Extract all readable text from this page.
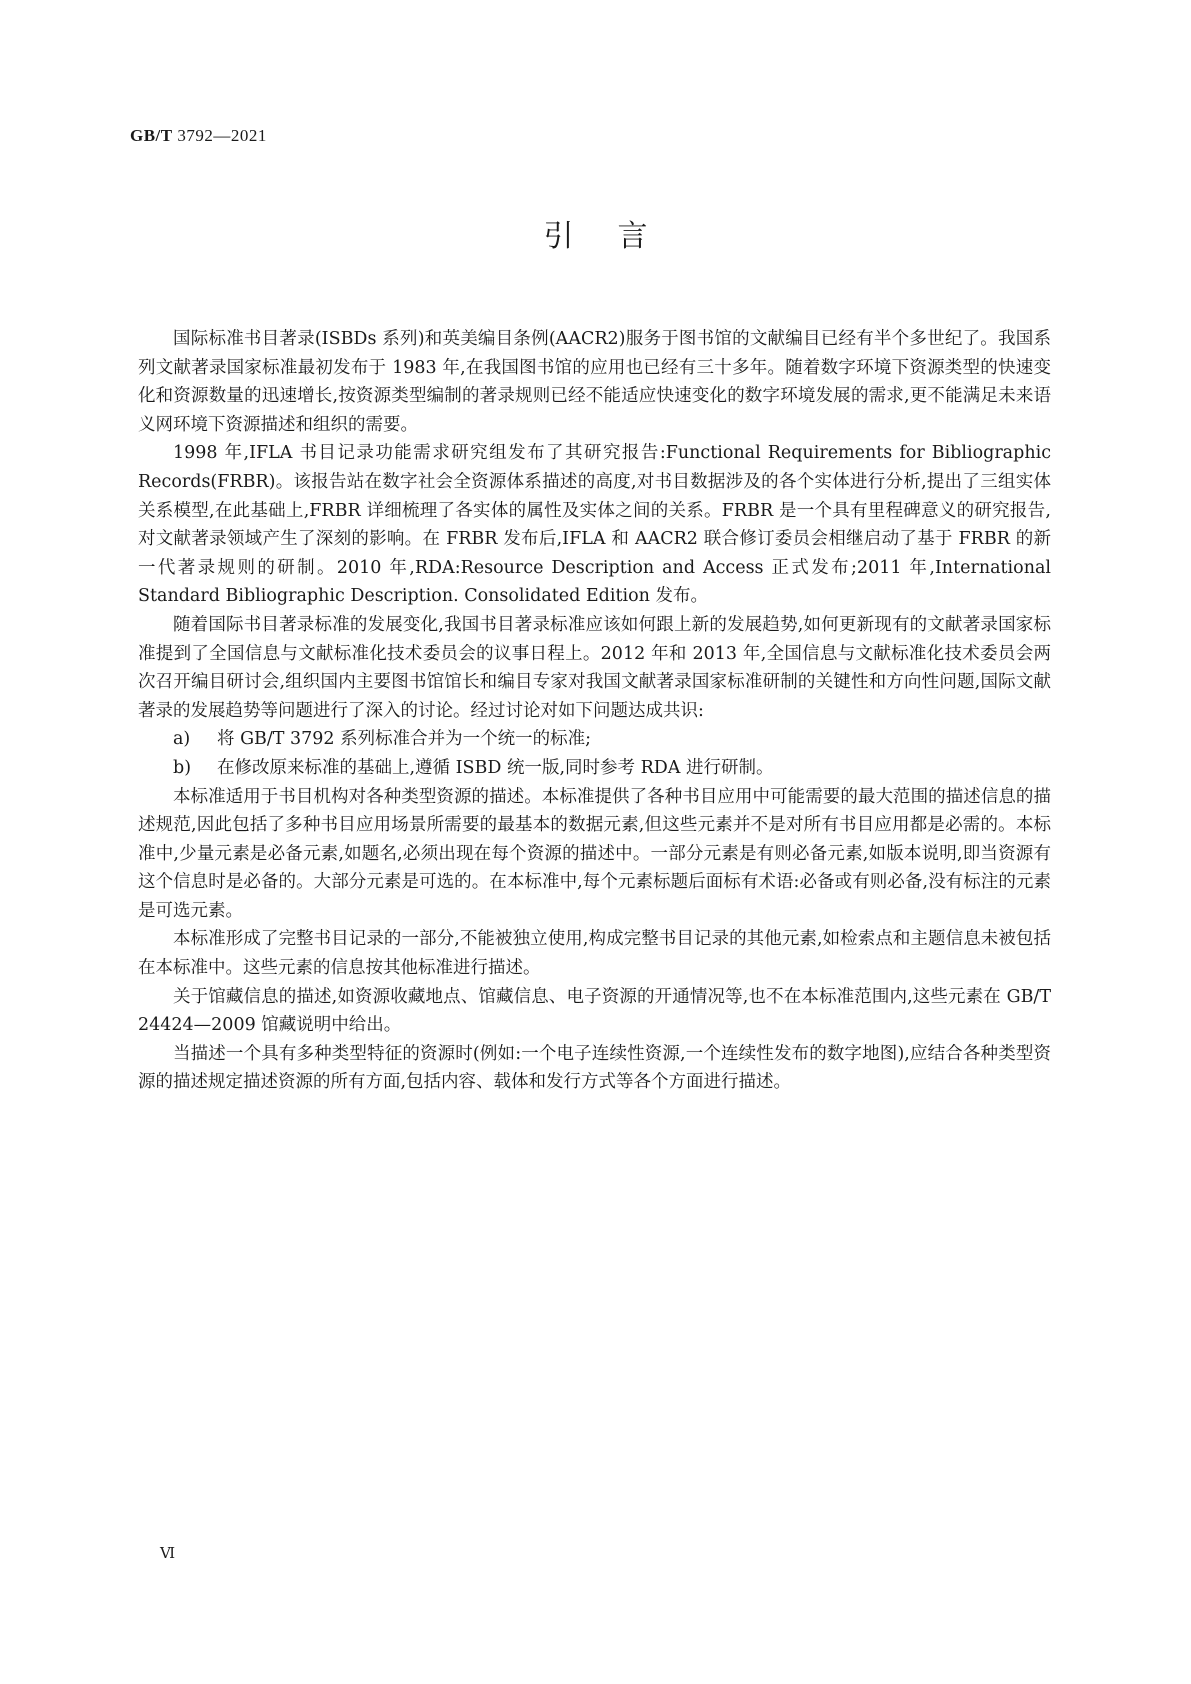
GB/T 3792—2021
引言

国际标准书目著录(ISBDs 系列)和英美编目条例(AACR2)服务于图书馆的文献编目已经有半个多世纪了。我国系列文献著录国家标准最初发布于 1983 年,在我国图书馆的应用也已经有三十多年。随着数字环境下资源类型的快速变化和资源数量的迅速增长,按资源类型编制的著录规则已经不能适应快速变化的数字环境发展的需求,更不能满足未来语义网环境下资源描述和组织的需要。

1998 年,IFLA 书目记录功能需求研究组发布了其研究报告:Functional Requirements for Bibliographic Records(FRBR)。该报告站在数字社会全资源体系描述的高度,对书目数据涉及的各个实体进行分析,提出了三组实体关系模型,在此基础上,FRBR 详细梳理了各实体的属性及实体之间的关系。FRBR 是一个具有里程碑意义的研究报告,对文献著录领域产生了深刻的影响。在 FRBR 发布后,IFLA 和 AACR2 联合修订委员会相继启动了基于 FRBR 的新一代著录规则的研制。2010 年,RDA:Resource Description and Access 正式发布;2011 年,International Standard Bibliographic Description. Consolidated Edition 发布。

随着国际书目著录标准的发展变化,我国书目著录标准应该如何跟上新的发展趋势,如何更新现有的文献著录国家标准提到了全国信息与文献标准化技术委员会的议事日程上。2012 年和 2013 年,全国信息与文献标准化技术委员会两次召开编目研讨会,组织国内主要图书馆馆长和编目专家对我国文献著录国家标准研制的关键性和方向性问题,国际文献著录的发展趋势等问题进行了深入的讨论。经过讨论对如下问题达成共识:

a) 将 GB/T 3792 系列标准合并为一个统一的标准;
b) 在修改原来标准的基础上,遵循 ISBD 统一版,同时参考 RDA 进行研制。

本标准适用于书目机构对各种类型资源的描述。本标准提供了各种书目应用中可能需要的最大范围的描述信息的描述规范,因此包括了多种书目应用场景所需要的最基本的数据元素,但这些元素并不是对所有书目应用都是必需的。本标准中,少量元素是必备元素,如题名,必须出现在每个资源的描述中。一部分元素是有则必备元素,如版本说明,即当资源有这个信息时是必备的。大部分元素是可选的。在本标准中,每个元素标题后面标有术语:必备或有则必备,没有标注的元素是可选元素。

本标准形成了完整书目记录的一部分,不能被独立使用,构成完整书目记录的其他元素,如检索点和主题信息未被包括在本标准中。这些元素的信息按其他标准进行描述。

关于馆藏信息的描述,如资源收藏地点、馆藏信息、电子资源的开通情况等,也不在本标准范围内,这些元素在 GB/T 24424—2009 馆藏说明中给出。

当描述一个具有多种类型特征的资源时(例如:一个电子连续性资源,一个连续性发布的数字地图),应结合各种类型资源的描述规定描述资源的所有方面,包括内容、载体和发行方式等各个方面进行描述。

Ⅵ
